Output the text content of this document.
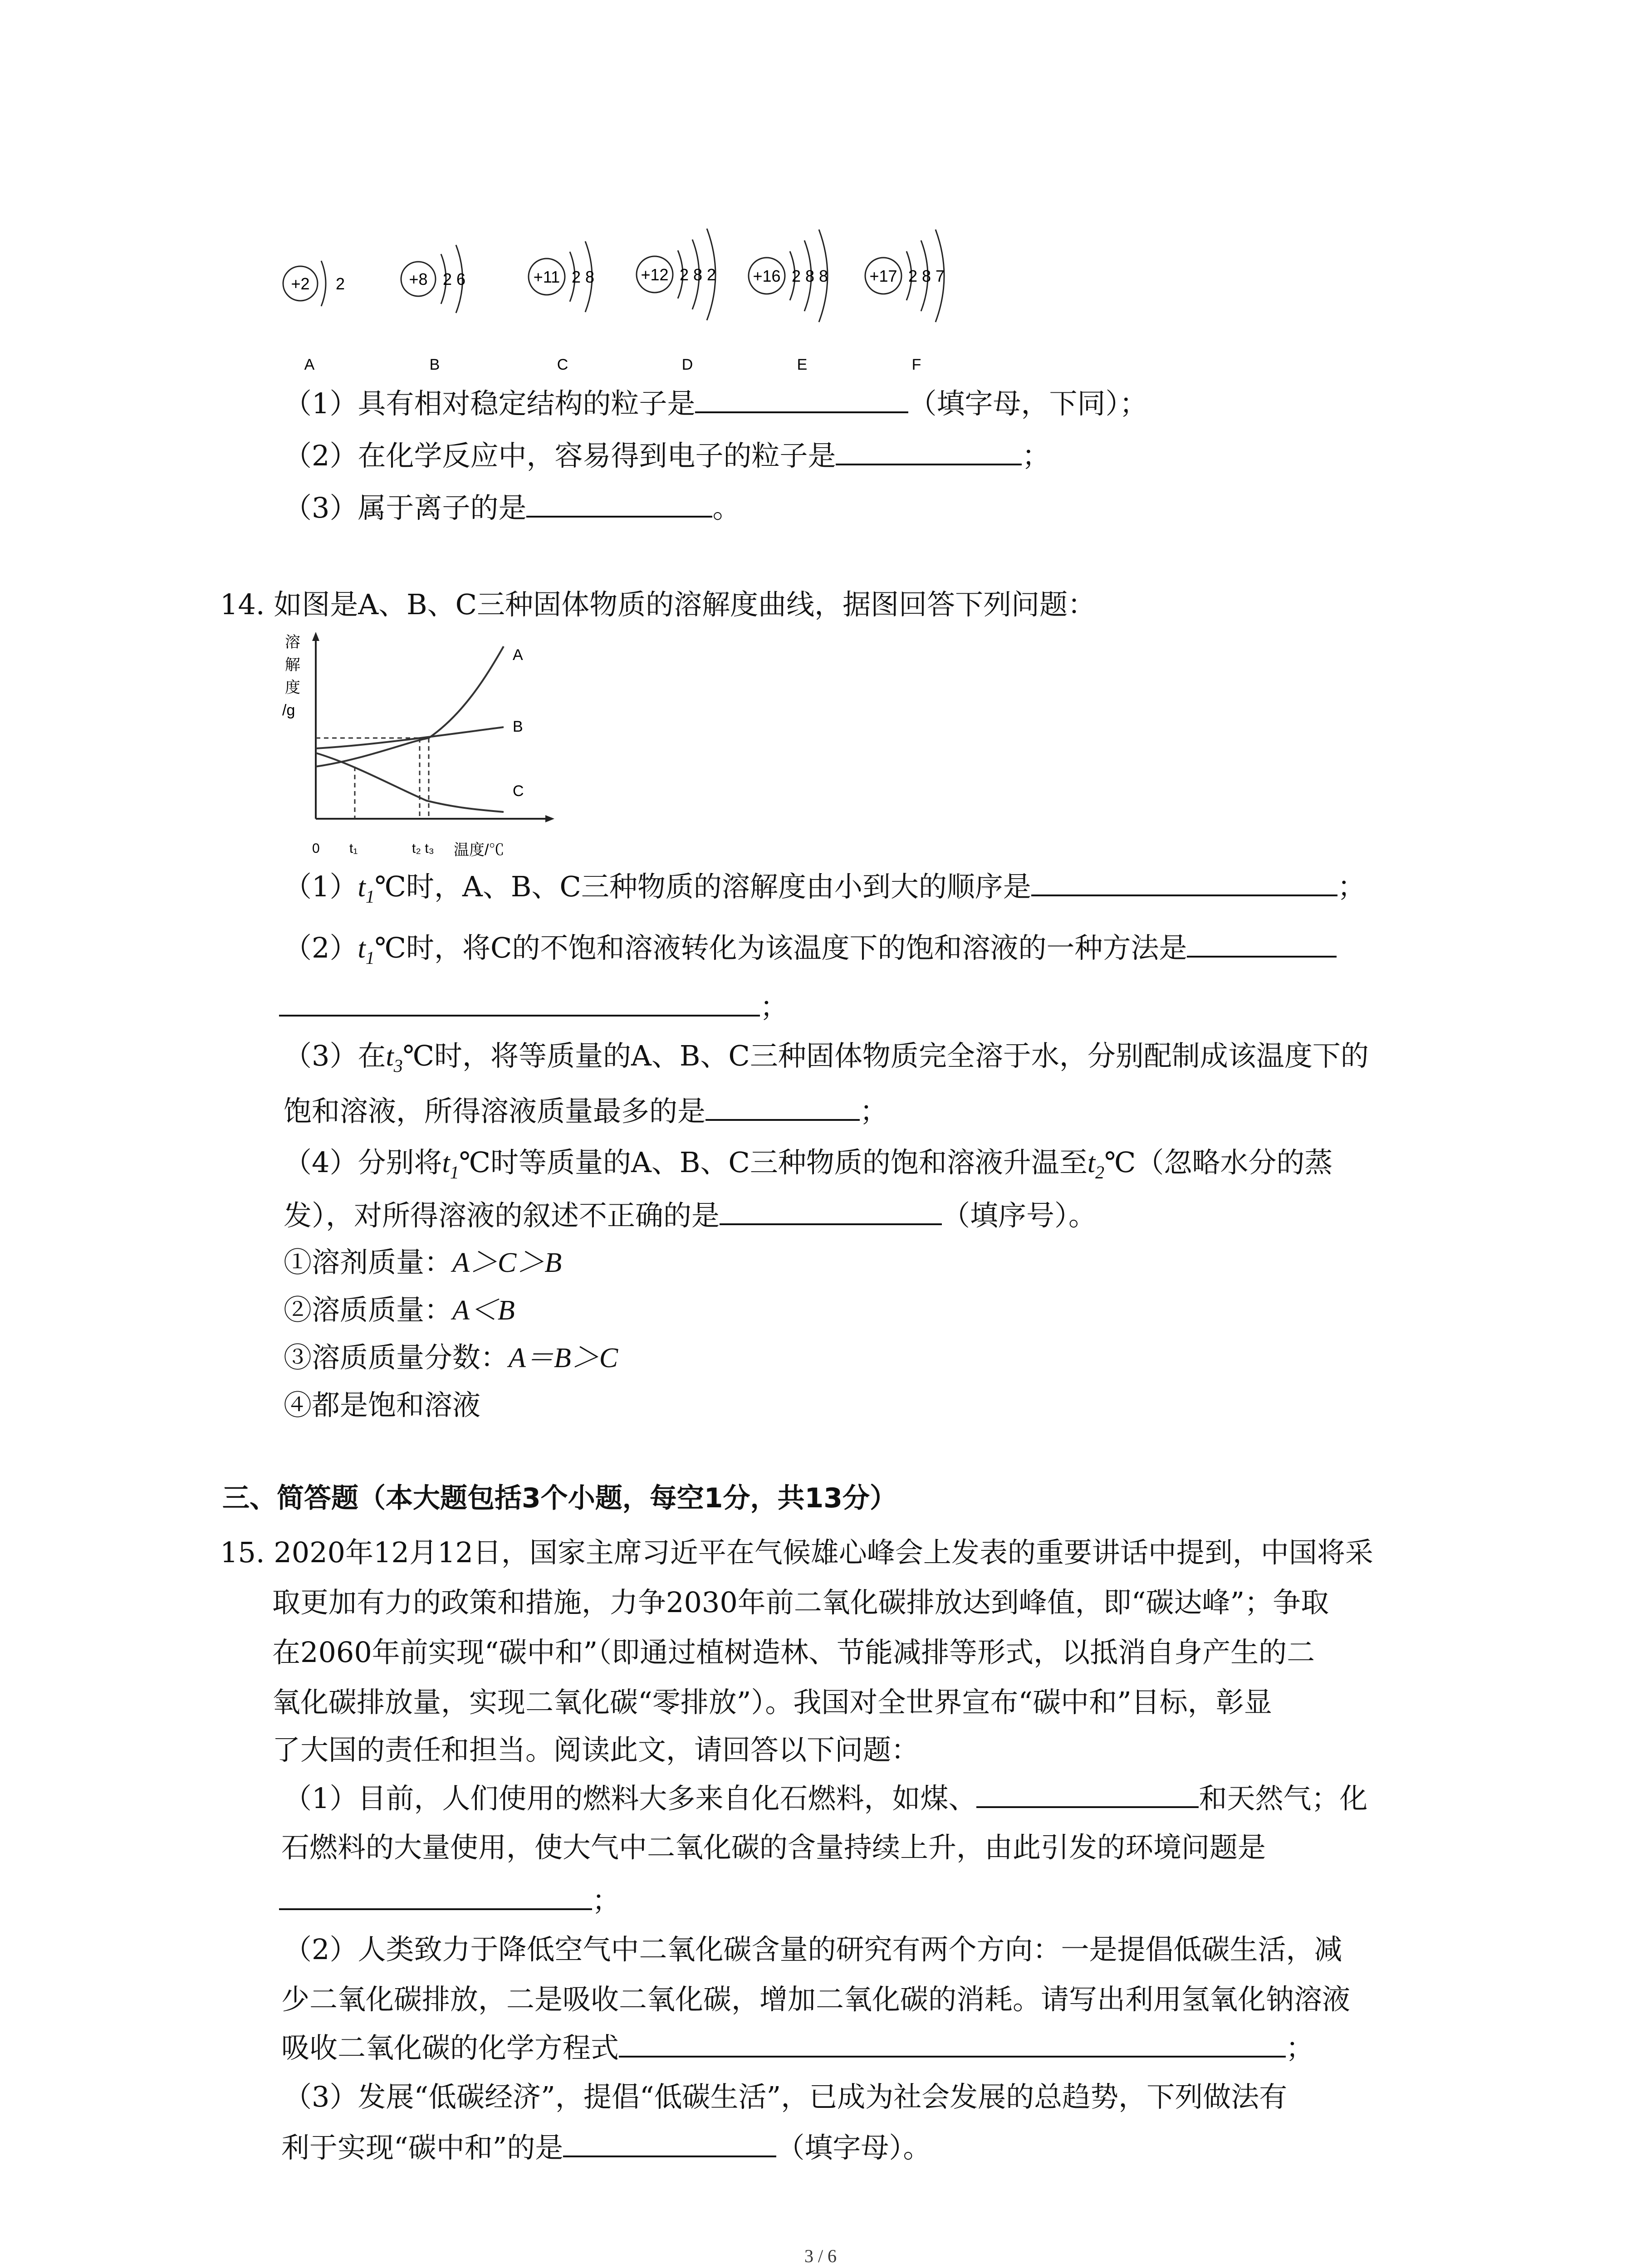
+2 2
A
+8 2 6
B
+11 2 8
C
+12 2 8 2
D
+16 2 8 8
E
+17 2 8 7
F
（1）具有相对稳定结构的粒子是	（填字母，下同）；
（2）在化学反应中，容易得到电子的粒子是	；
（3）属于离子的是	。
14. 如图是A、B、C三种固体物质的溶解度曲线，据图回答下列问题：
溶
解
度
/g
A
B
C
0 t₁	t₂ t₃ 温度/℃
$(1)t_1℃$时，A、B、C三种物质的溶解度由小到大的顺序是	；
$(2)t_1℃$时，将C的不饱和溶液转化为该温度下的饱和溶液的一种方法是
；
（3）在$t_3℃$时，将等质量的A、B、C三种固体物质完全溶于水，分别配制成该温度下的
饱和溶液，所得溶液质量最多的是	；
（4）分别将$t_1℃$时等质量的A、B、C三种物质的饱和溶液升温至$t_2℃$（忽略水分的蒸
发），对所得溶液的叙述不正确的是	（填序号）。
①溶剂质量：A＞C＞B
②溶质质量：A＜B
③溶质质量分数：A＝B＞C
④都是饱和溶液
三、简答题（本大题包括3个小题，每空1分，共13分）
15. 2020年12月12日，国家主席习近平在气候雄心峰会上发表的重要讲话中提到，中国将采
取更加有力的政策和措施，力争2030年前二氧化碳排放达到峰值，即“碳达峰”；争取
在2060年前实现“碳中和”（即通过植树造林、节能减排等形式，以抵消自身产生的二
氧化碳排放量，实现二氧化碳“零排放”）。我国对全世界宣布“碳中和”目标，彰显
了大国的责任和担当。阅读此文，请回答以下问题：
（1）目前，人们使用的燃料大多来自化石燃料，如煤、	和天然气；化
石燃料的大量使用，使大气中二氧化碳的含量持续上升，由此引发的环境问题是
；
（2）人类致力于降低空气中二氧化碳含量的研究有两个方向：一是提倡低碳生活，减
少二氧化碳排放，二是吸收二氧化碳，增加二氧化碳的消耗。请写出利用氢氧化钠溶液
吸收二氧化碳的化学方程式	；
（3）发展“低碳经济”，提倡“低碳生活”，已成为社会发展的总趋势，下列做法有
利于实现“碳中和”的是	（填字母）。
3 / 6
